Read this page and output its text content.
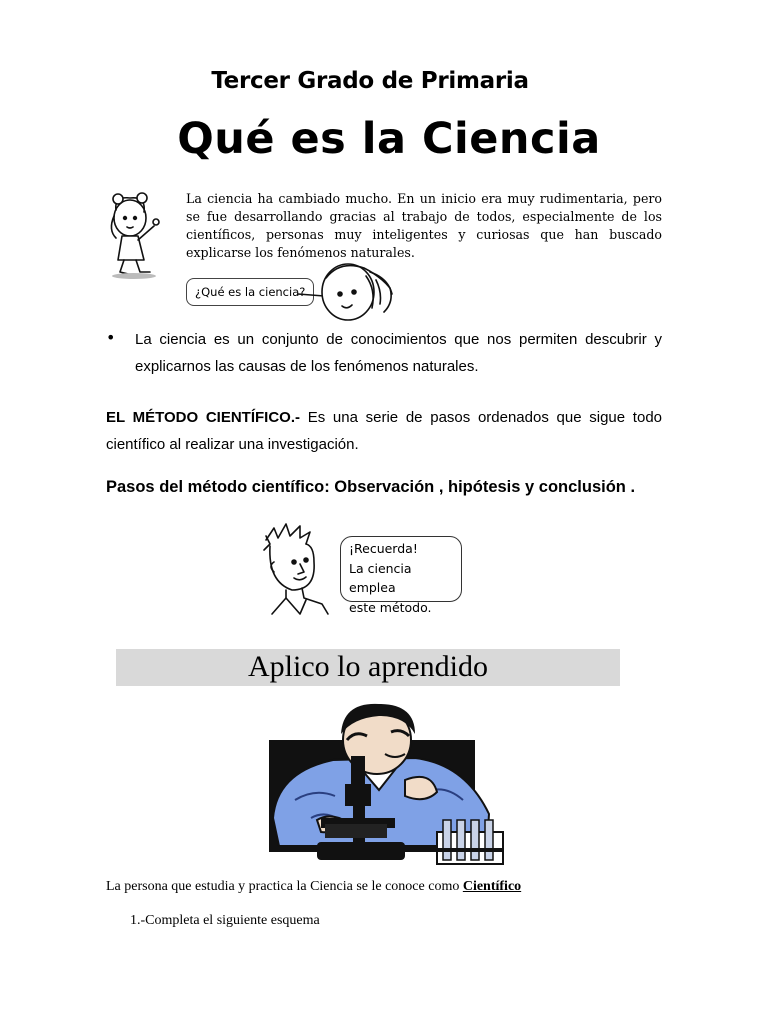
Tercer Grado de Primaria
Qué es la Ciencia
La ciencia ha cambiado mucho. En un inicio era muy rudimentaria, pero se fue desarrollando gracias al trabajo de todos, especialmente de los científicos, personas muy inteligentes y curiosas que han buscado explicarse los fenómenos naturales.
¿Qué es la ciencia?
• La ciencia es un conjunto de conocimientos que nos permiten descubrir y explicarnos las causas de los fenómenos naturales.
EL MÉTODO CIENTÍFICO.- Es una serie de pasos ordenados que sigue todo científico al realizar una investigación.
Pasos del método científico: Observación , hipótesis y conclusión .
¡Recuerda!
La ciencia emplea
este método.
Aplico lo aprendido
La persona que estudia y practica la Ciencia se le conoce como Científico
1.-Completa el siguiente esquema
